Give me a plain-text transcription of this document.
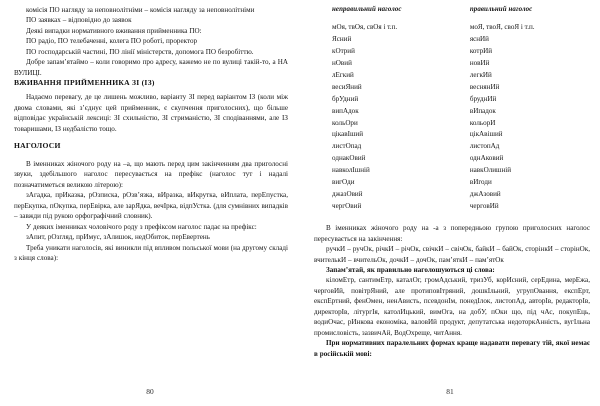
комісія ПО нагляду за неповнолітніми – комісія нагляду за неповнолітніми

ПО заявках – відповідно до заявок

Деякі випадки нормативного вживання прийменника ПО:

ПО радіо, ПО телебаченні, колега ПО роботі, проректор

ПО господарській частині, ПО лінії міністерств, допомога ПО безробіттю.

Добре запам’ятаймо – коли говоримо про адресу, кажемо не по вулиці такій-то, а НА ВУЛИЦІ.

ВЖИВАННЯ ПРИЙМЕННИКА ЗІ (ІЗ)

Надаємо перевагу, де це лишень можливо, варіанту ЗІ перед варіантом ІЗ (коли між двома словами, які з’єднує цей прийменник, є скупчення приголосних), що більше відповідає українській лексиці: ЗІ схильністю, ЗІ стриманістю, ЗІ сподіваннями, але ІЗ товаришами, ІЗ недбалістю тощо.

НАГОЛОСИ

В іменниках жіночого роду на –а, що мають перед цим закінченням два приголосні звуки, здебільшого наголос пересувається на префікс (наголос тут і надалі позначатиметься великою літерою):

зАгадка, прИказка, рОзписка, рОзв’язка, вИразка, вИкрутка, вИплата, перЕпустка, перЕкупка, пОкупка, перЕвірка, але зарЯдка, вечІрка, відпУстка. (для сумнівних випадків – завжди під рукою орфографічний словник).

У деяких іменниках чоловічого роду з префіксом наголос падає на префікс:

зАпит, рОзгляд, прИмус, зАлишок, недОбиток, перЕвертень

Треба уникати наголосів, які виникли під впливом польської мови (на другому складі з кінця слова):

80
неправильний наголос	правильний наголос
мОя, твОя, свОя і т.п.	моЯ, твоЯ, своЯ і т.п.
Ясний	яснИй
кОтрий	котрИй
нОвий	новИй
лЕгкий	легкИй
весиЯний	веснянИй
брУдний	бруднИй
випАдок	вИпадок
кольОри	кольорИ
цікавІший	цікАвіший
листОпад	листопАд
однакОвий	однАковий
навколІшній	навкОлишній
вигОди	вИгоди
джазОвий	джАзовий
чергОвий	черговИй

В іменниках жіночого роду на -а з попередньою групою приголосних наголос пересувається на закінчення:

ручкИ – ручОк, річкИ – річОк, свічкИ – свічОк, байкИ – байОк, сторінкИ – сторінОк, вчителькИ – вчительОк, дочкИ – дочОк, пам’яткИ – пам’ятОк

Запам’ятай, як правильно наголошуються ці слова:

кіломЕтр, сантимЕтр, каталОг, громАдський, тризУб, корИсний, серЕдина, мерЕжа, черговИй, повітрЯний, але протиповІтряний, дошкІльний, угрупОвання, експЕрт, експЕртний, фенОмен, нeнАвисть, псевдонІм, понедІлок, листопАд, авторІв, редакторІв, директорІв, літургІя, католИцький, вимОга, на добУ, пОки що, під чАс, покупЕць, водиОчас, рИнкова економіка, валовИй продукт, депутатська недоторкАнність, вугІльна промисловість, зазвичАй, ВодОхреще, читАння.

При нормативних паралельних формах краще надавати перевагу тій, якої немає в російській мові:

81
